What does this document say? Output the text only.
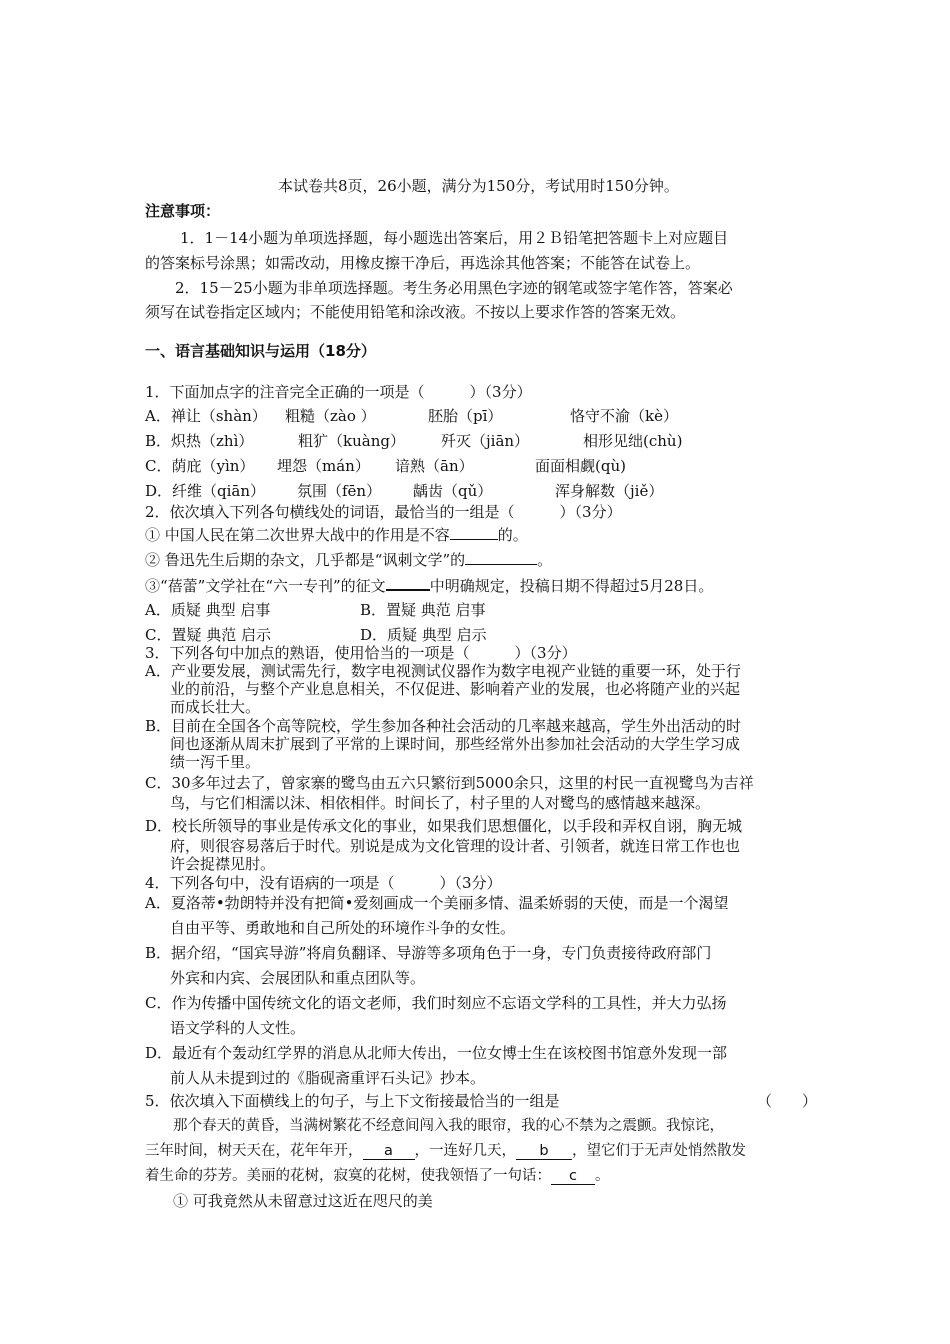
本试卷共8页，26小题，满分为150分，考试用时150分钟。
注意事项：
1．1－14小题为单项选择题，每小题选出答案后，用２Ｂ铅笔把答题卡上对应题目
的答案标号涂黑；如需改动，用橡皮擦干净后，再选涂其他答案；不能答在试卷上。
2．15－25小题为非单项选择题。考生务必用黑色字迹的钢笔或签字笔作答，答案必
须写在试卷指定区域内；不能使用铅笔和涂改液。不按以上要求作答的答案无效。
一、语言基础知识与运用（18分）
1．下面加点字的注音完全正确的一项是（　　　）（3分）
A．禅让（shàn） 粗糙（zào ）	胚胎（pī）	恪守不渝（kè）
B．炽热（zhì）	粗犷（kuàng） 歼灭（jiān）	相形见绌(chù)
C．荫庇（yìn） 埋怨（mán） 谙熟（ān）	面面相觑(qù)
D．纤维（qiān） 氛围（fēn） 龋齿（qǔ）	浑身解数（jiě）
2．依次填入下列各句横线处的词语，最恰当的一组是（　　　）（3分）
① 中国人民在第二次世界大战中的作用是不容	的。
② 鲁迅先生后期的杂文，几乎都是“讽刺文学”的	。
③“蓓蕾”文学社在“六一专刊”的征文	中明确规定，投稿日期不得超过5月28日。
A．质疑 典型 启事	B．置疑 典范 启事
C．置疑 典范 启示	D．质疑 典型 启示
3．下列各句中加点的熟语，使用恰当的一项是（　　　）（3分）
A．产业要发展，测试需先行，数字电视测试仪器作为数字电视产业链的重要一环，处于行
业的前沿，与整个产业息息相关，不仅促进、影响着产业的发展，也必将随产业的兴起
而成长壮大。
B．目前在全国各个高等院校，学生参加各种社会活动的几率越来越高，学生外出活动的时
间也逐渐从周末扩展到了平常的上课时间，那些经常外出参加社会活动的大学生学习成
绩一泻千里。
C．30多年过去了，曾家寨的鹭鸟由五六只繁衍到5000余只，这里的村民一直视鹭鸟为吉祥
鸟，与它们相濡以沫、相依相伴。时间长了，村子里的人对鹭鸟的感情越来越深。
D．校长所领导的事业是传承文化的事业，如果我们思想僵化，以手段和弄权自诩，胸无城
府，则很容易落后于时代。别说是成为文化管理的设计者、引领者，就连日常工作也也
许会捉襟见肘。
4．下列各句中，没有语病的一项是（　　　）（3分）
A．夏洛蒂•勃朗特并没有把简•爱刻画成一个美丽多情、温柔娇弱的天使，而是一个渴望
自由平等、勇敢地和自己所处的环境作斗争的女性。
B．据介绍，“国宾导游”将肩负翻译、导游等多项角色于一身，专门负责接待政府部门
外宾和内宾、会展团队和重点团队等。
C．作为传播中国传统文化的语文老师，我们时刻应不忘语文学科的工具性，并大力弘扬
语文学科的人文性。
D．最近有个轰动红学界的消息从北师大传出，一位女博士生在该校图书馆意外发现一部
前人从未提到过的《脂砚斋重评石头记》抄本。
5．依次填入下面横线上的句子，与上下文衔接最恰当的一组是	（　　）
那个春天的黄昏，当满树繁花不经意间闯入我的眼帘，我的心不禁为之震颤。我惊诧，
三年时间，树天天在，花年年开， a ，一连好几天， b ，望它们于无声处悄然散发
着生命的芬芳。美丽的花树，寂寞的花树，使我领悟了一句话： c 。
① 可我竟然从未留意过这近在咫尺的美
